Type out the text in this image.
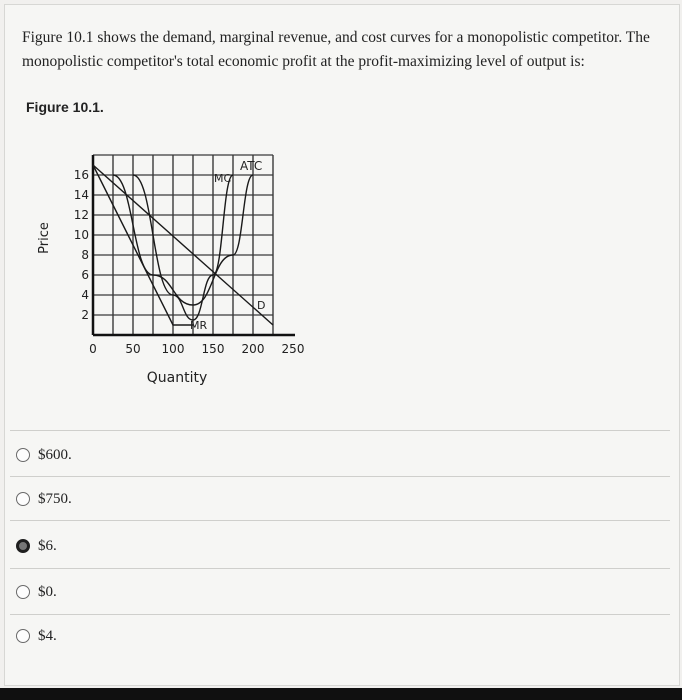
Figure 10.1 shows the demand, marginal revenue, and cost curves for a monopolistic competitor. The
monopolistic competitor's total economic profit at the profit-maximizing level of output is:
Figure 10.1.
16
14
12
10
8
6
4
2
0 50 100 150 200 250
ATC
MC
D
MR
Price
Quantity
$600.
$750.
$6.
$0.
$4.
